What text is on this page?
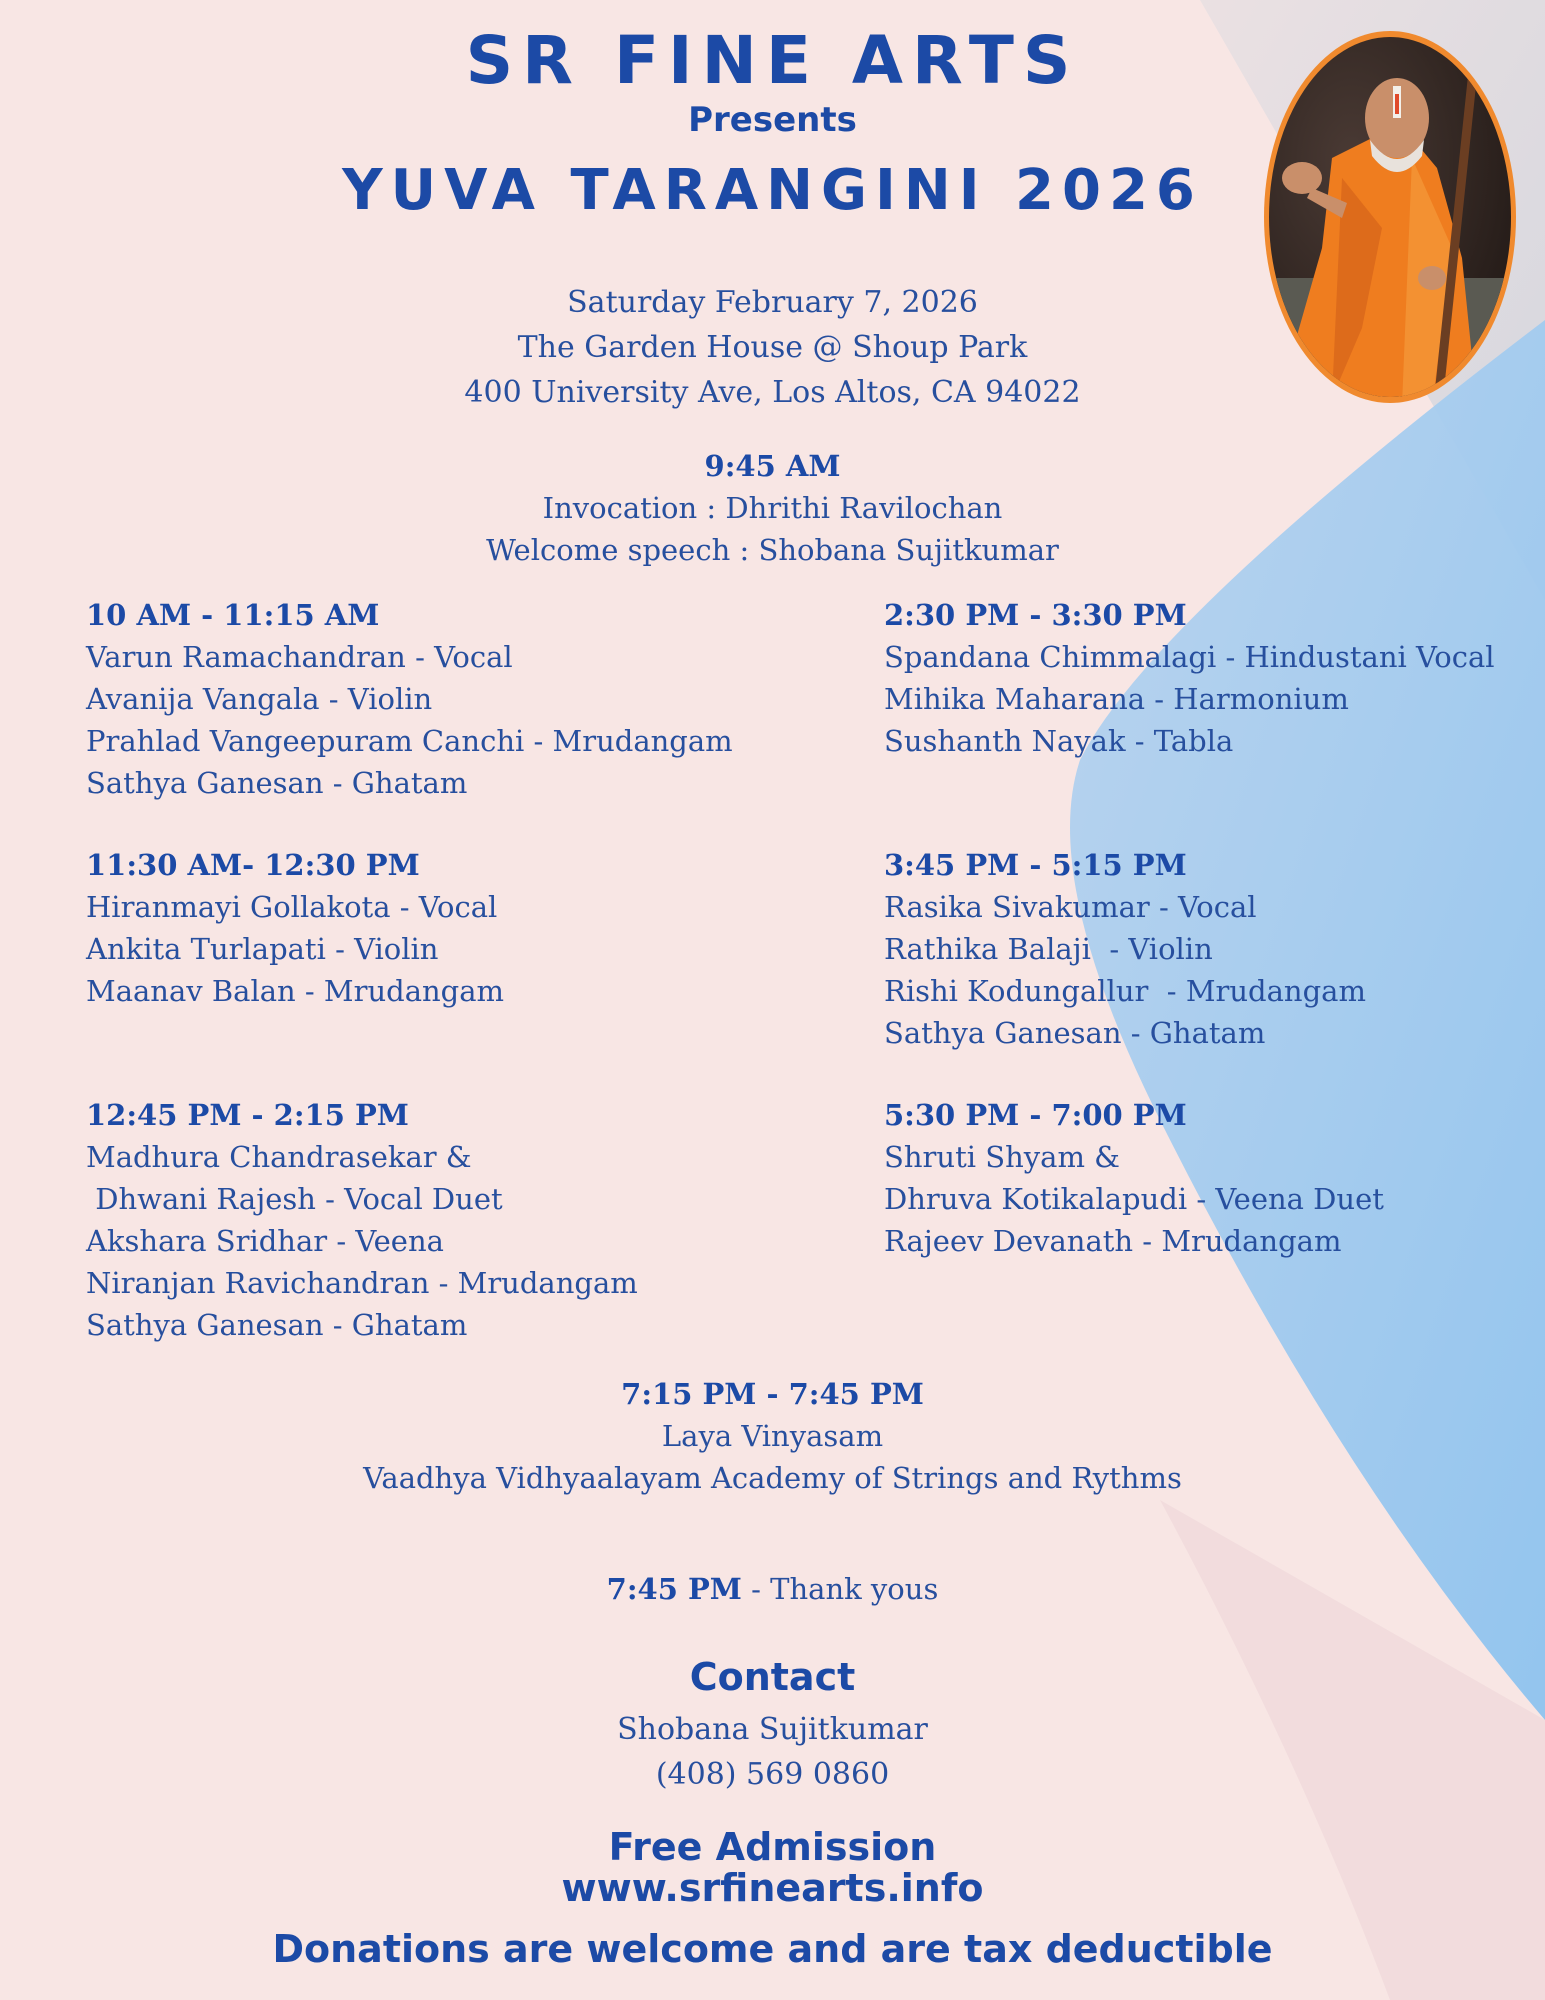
SR FINE ARTS
Presents
YUVA TARANGINI 2026
Saturday February 7, 2026
The Garden House @ Shoup Park
400 University Ave, Los Altos, CA 94022
9:45 AM
Invocation : Dhrithi Ravilochan
Welcome speech : Shobana Sujitkumar
10 AM - 11:15 AM
Varun Ramachandran - Vocal
Avanija Vangala - Violin
Prahlad Vangeepuram Canchi - Mrudangam
Sathya Ganesan - Ghatam
11:30 AM- 12:30 PM
Hiranmayi Gollakota - Vocal
Ankita Turlapati - Violin
Maanav Balan - Mrudangam
12:45 PM - 2:15 PM
Madhura Chandrasekar &
Dhwani Rajesh - Vocal Duet
Akshara Sridhar - Veena
Niranjan Ravichandran - Mrudangam
Sathya Ganesan - Ghatam
2:30 PM - 3:30 PM
Spandana Chimmalagi - Hindustani Vocal
Mihika Maharana - Harmonium
Sushanth Nayak - Tabla
3:45 PM - 5:15 PM
Rasika Sivakumar - Vocal
Rathika Balaji  - Violin
Rishi Kodungallur  - Mrudangam
Sathya Ganesan - Ghatam
5:30 PM - 7:00 PM
Shruti Shyam &
Dhruva Kotikalapudi - Veena Duet
Rajeev Devanath - Mrudangam
7:15 PM - 7:45 PM
Laya Vinyasam
Vaadhya Vidhyaalayam Academy of Strings and Rythms
7:45 PM - Thank yous
Contact
Shobana Sujitkumar
(408) 569 0860
Free Admission
www.srfinearts.info
Donations are welcome and are tax deductible
